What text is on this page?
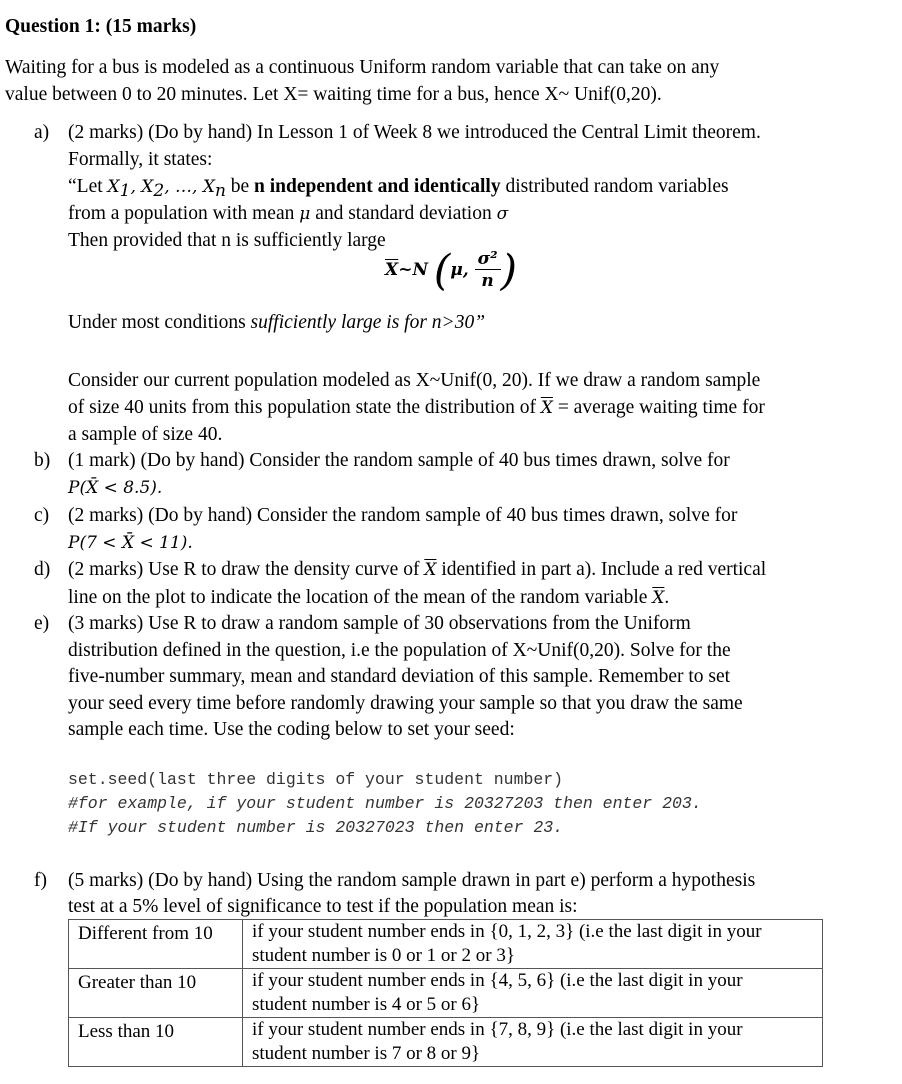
Question 1: (15 marks)
Waiting for a bus is modeled as a continuous Uniform random variable that can take on any
value between 0 to 20 minutes. Let X= waiting time for a bus, hence X~ Unif(0,20).
a) (2 marks) (Do by hand) In Lesson 1 of Week 8 we introduced the Central Limit theorem.
Formally, it states:
“Let $X_1$, $X_2$, …, $X_n$ be n independent and identically distributed random variables
from a population with mean μ and standard deviation σ
Then provided that n is sufficiently large
$\overline{X}\sim N$ (μ, $\frac{\text{σ²}}{n}$ )
Under most conditions sufficiently large is for n>30”
Consider our current population modeled as X~Unif(0, 20). If we draw a random sample
of size 40 units from this population state the distribution of $\overline{X}$ = average waiting time for
a sample of size 40.
b) (1 mark) (Do by hand) Consider the random sample of 40 bus times drawn, solve for
P(X̄ < 8.5).
c) (2 marks) (Do by hand) Consider the random sample of 40 bus times drawn, solve for
P(7 < X̄ < 11).
d) (2 marks) Use R to draw the density curve of $\overline{X}$ identified in part a). Include a red vertical
line on the plot to indicate the location of the mean of the random variable $\overline{X}$.
e) (3 marks) Use R to draw a random sample of 30 observations from the Uniform
distribution defined in the question, i.e the population of X~Unif(0,20). Solve for the
five-number summary, mean and standard deviation of this sample. Remember to set
your seed every time before randomly drawing your sample so that you draw the same
sample each time. Use the coding below to set your seed:
set.seed(last three digits of your student number)
#for example, if your student number is 20327203 then enter 203.
#If your student number is 20327023 then enter 23.
f) (5 marks) (Do by hand) Using the random sample drawn in part e) perform a hypothesis
test at a 5% level of significance to test if the population mean is:
Different from 10	if your student number ends in {0, 1, 2, 3} (i.e the last digit in your
student number is 0 or 1 or 2 or 3}

Greater than 10	if your student number ends in {4, 5, 6} (i.e the last digit in your
student number is 4 or 5 or 6}

Less than 10	if your student number ends in {7, 8, 9} (i.e the last digit in your
student number is 7 or 8 or 9}
